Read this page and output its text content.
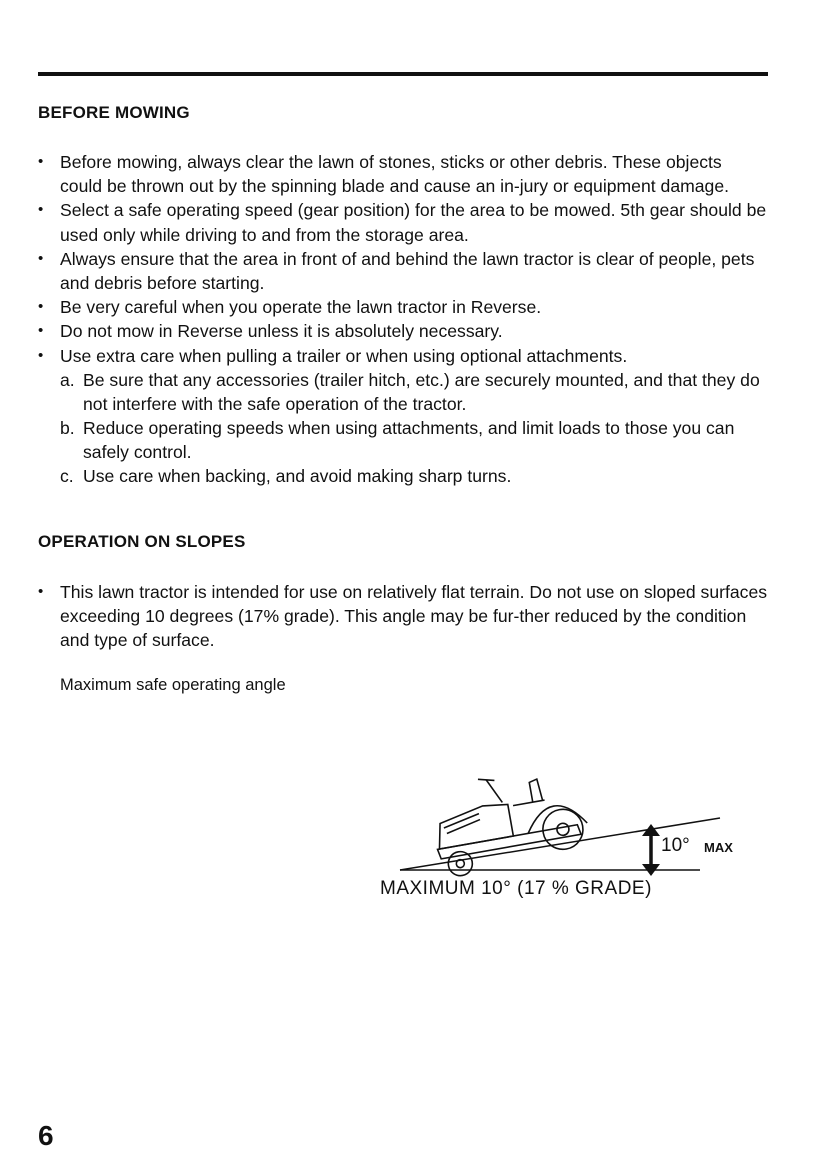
BEFORE MOWING
• Before mowing, always clear the lawn of stones, sticks or other debris. These objects could be thrown out by the spinning blade and cause an in-jury or equipment damage.
• Select a safe operating speed (gear position) for the area to be mowed. 5th gear should be used only while driving to and from the storage area.
• Always ensure that the area in front of and behind the lawn tractor is clear of people, pets and debris before starting.
• Be very careful when you operate the lawn tractor in Reverse.
• Do not mow in Reverse unless it is absolutely necessary.
• Use extra care when pulling a trailer or when using optional attachments.
a. Be sure that any accessories (trailer hitch, etc.) are securely mounted, and that they do not interfere with the safe operation of the tractor.
b. Reduce operating speeds when using attachments, and limit loads to those you can safely control.
c. Use care when backing, and avoid making sharp turns.
OPERATION ON SLOPES
• This lawn tractor is intended for use on relatively flat terrain. Do not use on sloped surfaces exceeding 10 degrees (17% grade). This angle may be fur-ther reduced by the condition and type of surface.
Maximum safe operating angle
10° MAX
MAXIMUM 10° (17 % GRADE)
6
